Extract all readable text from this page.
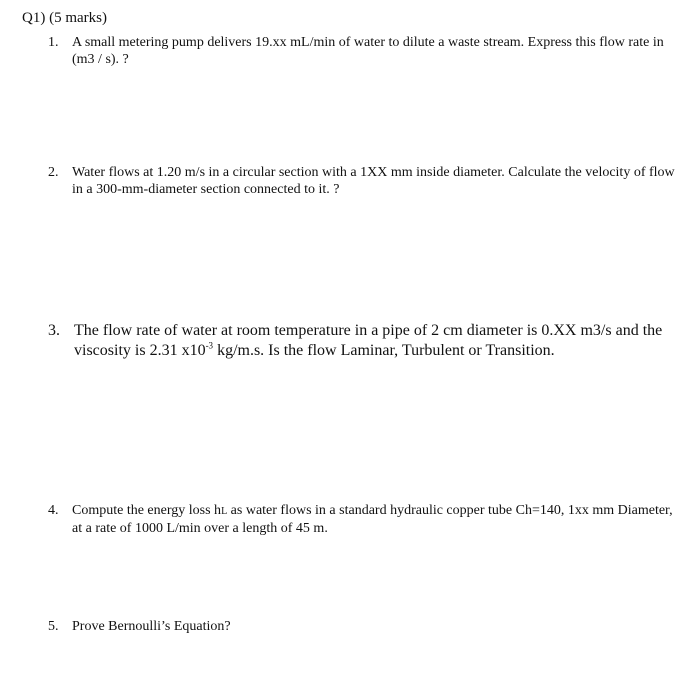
Q1) (5 marks)
1. A small metering pump delivers 19.xx mL/min of water to dilute a waste stream. Express this flow rate in (m3 / s). ?
2. Water flows at 1.20 m/s in a circular section with a 1XX mm inside diameter. Calculate the velocity of flow in a 300-mm-diameter section connected to it. ?
3. The flow rate of water at room temperature in a pipe of 2 cm diameter is 0.XX m3/s and the viscosity is 2.31 $x10^{-3}$ kg/m.s. Is the flow Laminar, Turbulent or Transition.
4. Compute the energy loss hL as water flows in a standard hydraulic copper tube Ch=140, 1xx mm Diameter, at a rate of 1000 L/min over a length of 45 m.
5. Prove Bernoulli’s Equation?
